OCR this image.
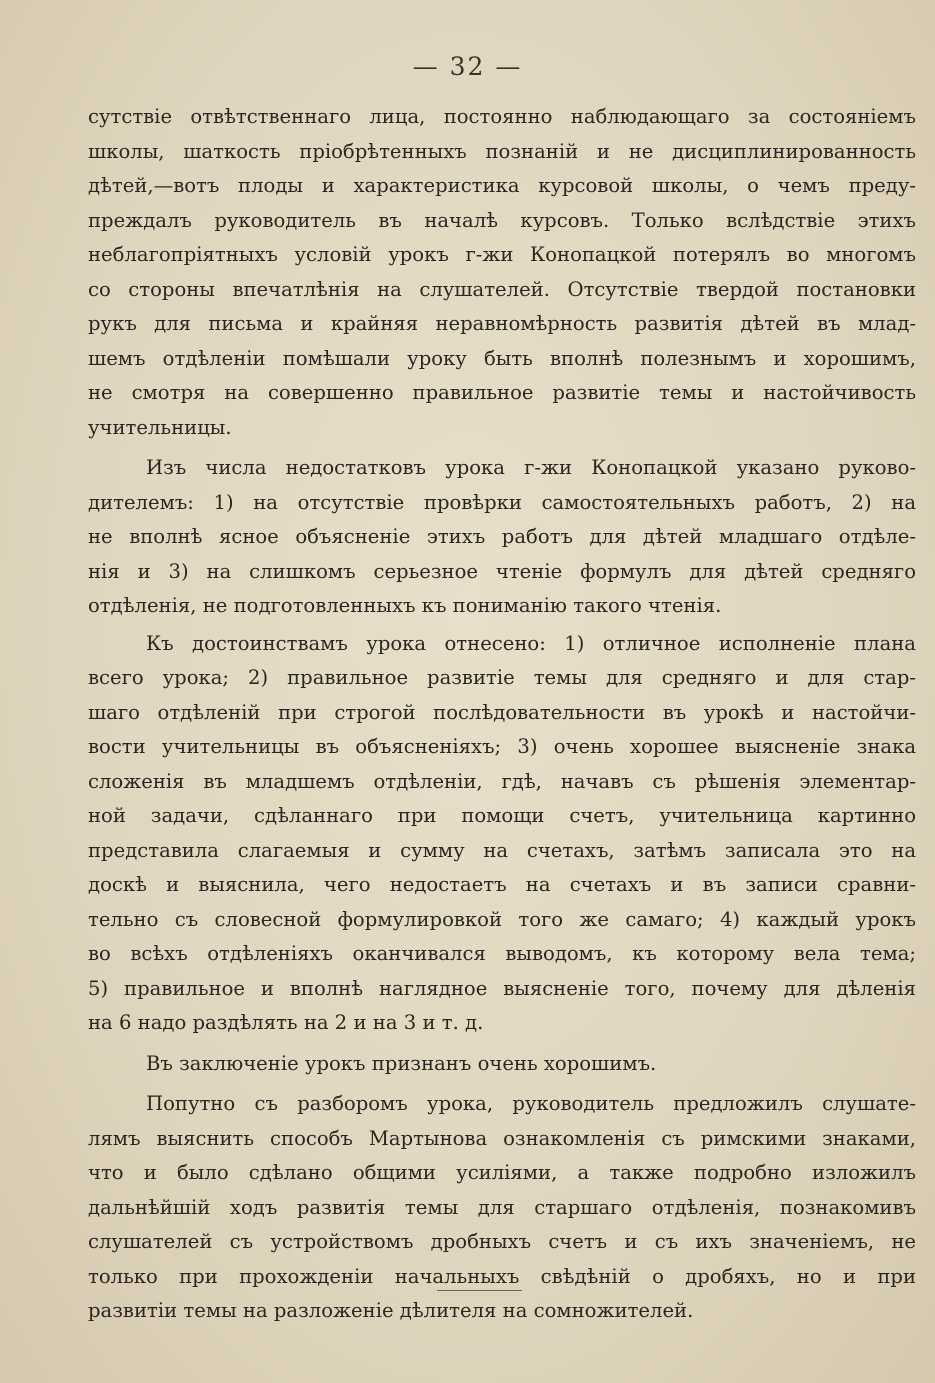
— 32 —
сутствіе отвѣтственнаго лица, постоянно наблюдающаго за состояніемъ
школы, шаткость пріобрѣтенныхъ познаній и не дисциплинированность
дѣтей,—вотъ плоды и характеристика курсовой школы, о чемъ преду-
преждалъ руководитель въ началѣ курсовъ. Только вслѣдствіе этихъ
неблагопріятныхъ условій урокъ г-жи Конопацкой потерялъ во многомъ
со стороны впечатлѣнія на слушателей. Отсутствіе твердой постановки
рукъ для письма и крайняя неравномѣрность развитія дѣтей въ млад-
шемъ отдѣленіи помѣшали уроку быть вполнѣ полезнымъ и хорошимъ,
не смотря на совершенно правильное развитіе темы и настойчивость
учительницы.
Изъ числа недостатковъ урока г-жи Конопацкой указано руково-
дителемъ: 1) на отсутствіе провѣрки самостоятельныхъ работъ, 2) на
не вполнѣ ясное объясненіе этихъ работъ для дѣтей младшаго отдѣле-
нія и 3) на слишкомъ серьезное чтеніе формулъ для дѣтей средняго
отдѣленія, не подготовленныхъ къ пониманію такого чтенія.
Къ достоинствамъ урока отнесено: 1) отличное исполненіе плана
всего урока; 2) правильное развитіе темы для средняго и для стар-
шаго отдѣленій при строгой послѣдовательности въ урокѣ и настойчи-
вости учительницы въ объясненіяхъ; 3) очень хорошее выясненіе знака
сложенія въ младшемъ отдѣленіи, гдѣ, начавъ съ рѣшенія элементар-
ной задачи, сдѣланнаго при помощи счетъ, учительница картинно
представила слагаемыя и сумму на счетахъ, затѣмъ записала это на
доскѣ и выяснила, чего недостаетъ на счетахъ и въ записи сравни-
тельно съ словесной формулировкой того же самаго; 4) каждый урокъ
во всѣхъ отдѣленіяхъ оканчивался выводомъ, къ которому вела тема;
5) правильное и вполнѣ наглядное выясненіе того, почему для дѣленія
на 6 надо раздѣлять на 2 и на 3 и т. д.
Въ заключеніе урокъ признанъ очень хорошимъ.
Попутно съ разборомъ урока, руководитель предложилъ слушате-
лямъ выяснить способъ Мартынова ознакомленія съ римскими знаками,
что и было сдѣлано общими усиліями, а также подробно изложилъ
дальнѣйшій ходъ развитія темы для старшаго отдѣленія, познакомивъ
слушателей съ устройствомъ дробныхъ счетъ и съ ихъ значеніемъ, не
только при прохожденіи начальныхъ свѣдѣній о дробяхъ, но и при
развитіи темы на разложеніе дѣлителя на сомножителей.
